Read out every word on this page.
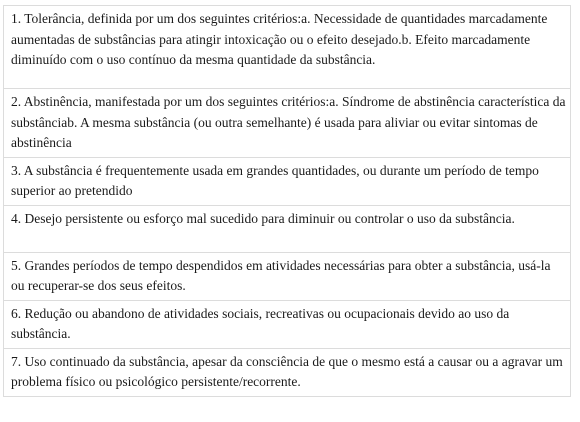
1. Tolerância, definida por um dos seguintes critérios:a. Necessidade de quantidades marcadamente aumentadas de substâncias para atingir intoxicação ou o efeito desejado.b. Efeito marcadamente diminuído com o uso contínuo da mesma quantidade da substância.
2. Abstinência, manifestada por um dos seguintes critérios:a. Síndrome de abstinência característica da substânciab. A mesma substância (ou outra semelhante) é usada para aliviar ou evitar sintomas de abstinência
3. A substância é frequentemente usada em grandes quantidades, ou durante um período de tempo superior ao pretendido
4. Desejo persistente ou esforço mal sucedido para diminuir ou controlar o uso da substância.
5. Grandes períodos de tempo despendidos em atividades necessárias para obter a substância, usá-la ou recuperar-se dos seus efeitos.
6. Redução ou abandono de atividades sociais, recreativas ou ocupacionais devido ao uso da substância.
7. Uso continuado da substância, apesar da consciência de que o mesmo está a causar ou a agravar um problema físico ou psicológico persistente/recorrente.
